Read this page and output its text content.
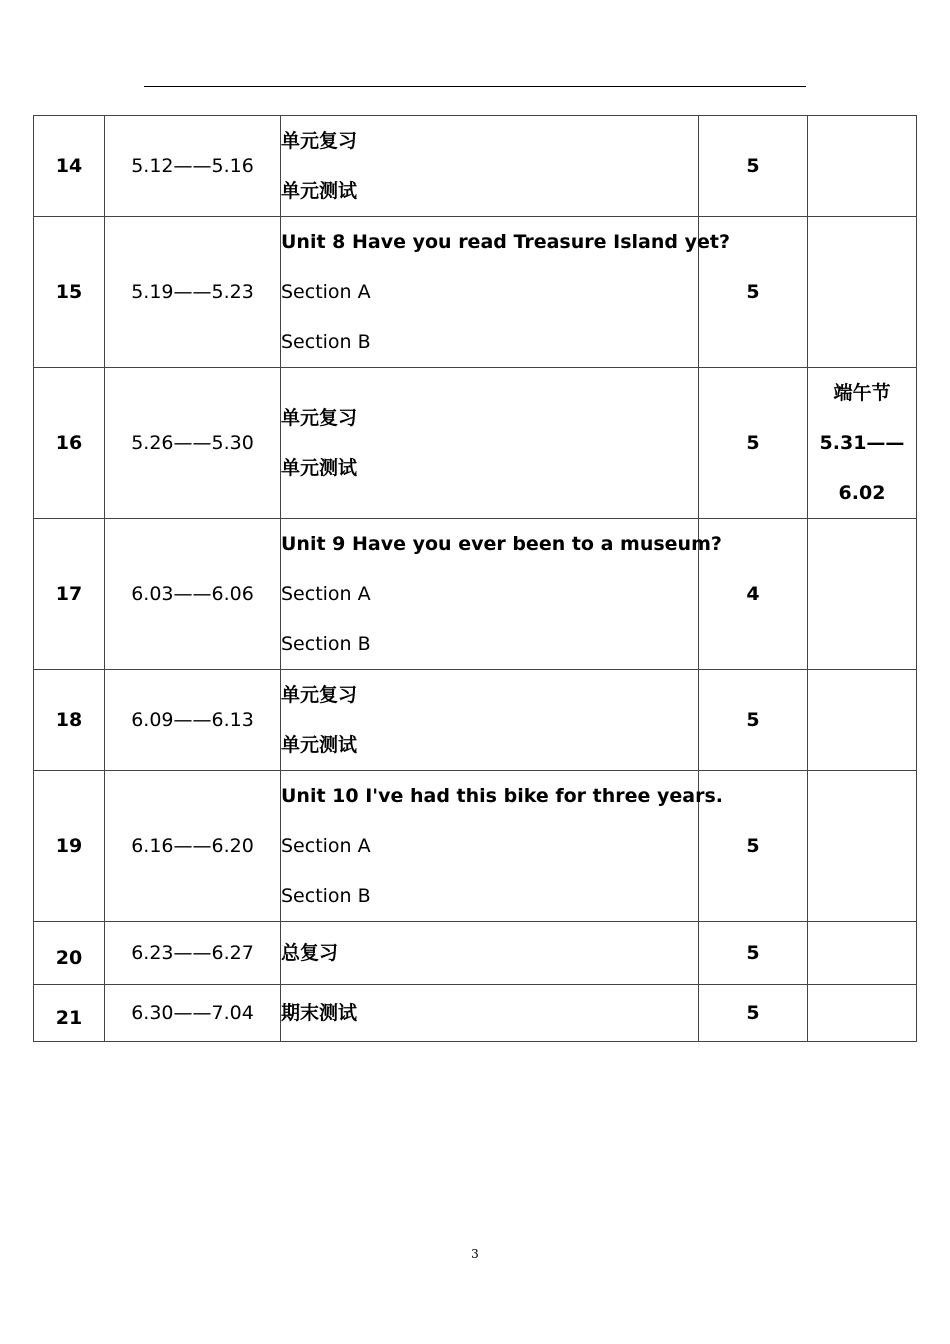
14	5.12——5.16	单元复习
单元测试	5	
15	5.19——5.23	Unit 8 Have you read Treasure Island yet?
Section A
Section B	5	
16	5.26——5.30	单元复习
单元测试	5	端午节
5.31——
6.02

17	6.03——6.06	Unit 9 Have you ever been to a museum?
Section A
Section B	4	
18	6.09——6.13	单元复习
单元测试	5	
19	6.16——6.20	Unit 10 I've had this bike for three years.
Section A
Section B	5	
20	6.23——6.27	总复习	5	
21	6.30——7.04	期末测试	5	
3
